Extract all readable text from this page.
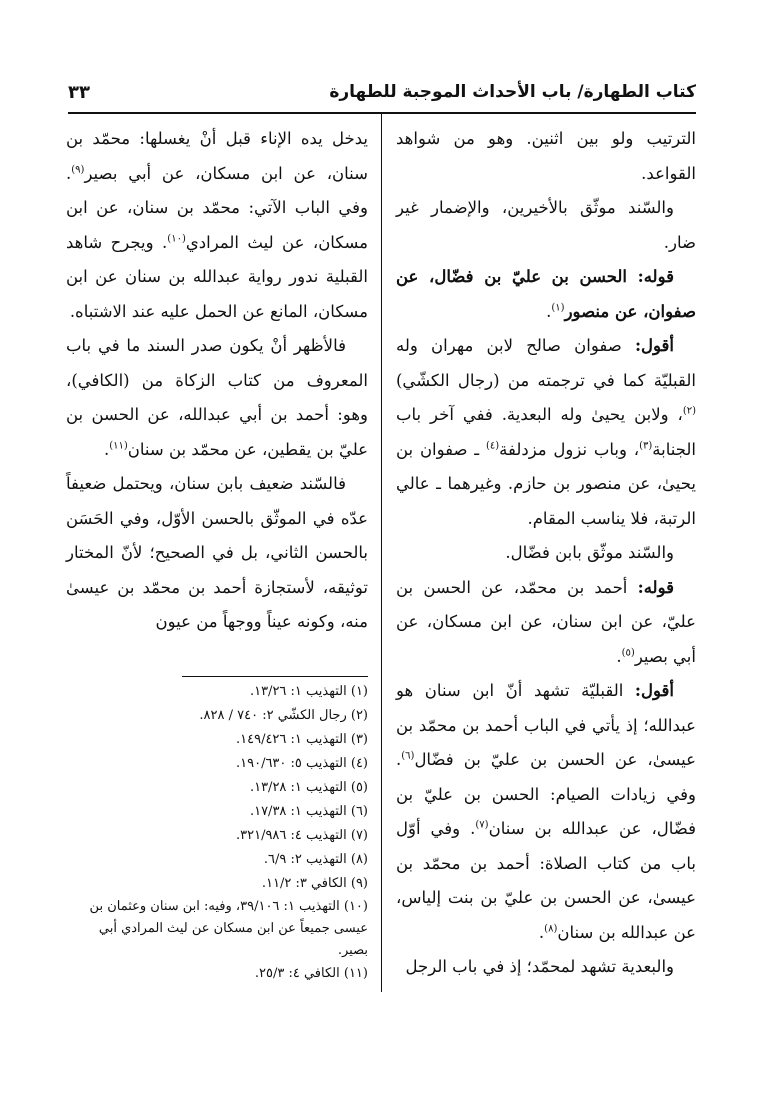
كتاب الطهارة/ باب الأحداث الموجبة للطهارة
٣٣

الترتيب ولو بين اثنين. وهو من شواهد القواعد.

والسّند موثّق بالأخيرين، والإضمار غير ضار.

قوله: الحسن بن عليّ بن فضّال، عن صفوان، عن منصور$^{(١)}$.

أقول: صفوان صالح لابن مهران وله القبليّة كما في ترجمته من (رجال الكشّي)$^{(٢)}$، ولابن يحيىٰ وله البعدية. ففي آخر باب الجنابة$^{(٣)}$، وباب نزول مزدلفة$^{(٤)}$ ـ صفوان بن يحيىٰ، عن منصور بن حازم. وغيرهما ـ عالي الرتبة، فلا يناسب المقام.

والسّند موثّق بابن فضّال.

قوله: أحمد بن محمّد، عن الحسن بن عليّ، عن ابن سنان، عن ابن مسكان، عن أبي بصير$^{(٥)}$.

أقول: القبليّة تشهد أنّ ابن سنان هو عبدالله؛ إذ يأتي في الباب أحمد بن محمّد بن عيسىٰ، عن الحسن بن عليّ بن فضّال$^{(٦)}$. وفي زيادات الصيام: الحسن بن عليّ بن فضّال، عن عبدالله بن سنان$^{(٧)}$. وفي أوّل باب من كتاب الصلاة: أحمد بن محمّد بن عيسىٰ، عن الحسن بن عليّ بن بنت إلياس، عن عبدالله بن سنان$^{(٨)}$.

والبعدية تشهد لمحمّد؛ إذ في باب الرجل

يدخل يده الإناء قبل أنْ يغسلها: محمّد بن سنان، عن ابن مسكان، عن أبي بصير$^{(٩)}$. وفي الباب الآتي: محمّد بن سنان، عن ابن مسكان، عن ليث المرادي$^{(١٠)}$. ويجرح شاهد القبلية ندور رواية عبدالله بن سنان عن ابن مسكان، المانع عن الحمل عليه عند الاشتباه.

فالأظهر أنْ يكون صدر السند ما في باب المعروف من كتاب الزكاة من (الكافي)، وهو: أحمد بن أبي عبدالله، عن الحسن بن عليّ بن يقطين، عن محمّد بن سنان$^{(١١)}$.

فالسّند ضعيف بابن سنان، ويحتمل ضعيفاً عدّه في الموثّق بالحسن الأوّل، وفي الحَسَن بالحسن الثاني، بل في الصحيح؛ لأنّ المختار توثيقه، لأستجازة أحمد بن محمّد بن عيسىٰ منه، وكونه عيناً ووجهاً من عيون

(١) التهذيب ١: ١٣/٢٦.
(٢) رجال الكشّي ٢: ٧٤٠ / ٨٢٨.
(٣) التهذيب ١: ١٤٩/٤٢٦.
(٤) التهذيب ٥: ١٩٠/٦٣٠.
(٥) التهذيب ١: ١٣/٢٨.
(٦) التهذيب ١: ١٧/٣٨.
(٧) التهذيب ٤: ٣٢١/٩٨٦.
(٨) التهذيب ٢: ٦/٩.
(٩) الكافي ٣: ١١/٢.
(١٠) التهذيب ١: ٣٩/١٠٦، وفيه: ابن سنان وعثمان بن عيسى جميعاً عن ابن مسكان عن ليث المرادي أبي بصير.
(١١) الكافي ٤: ٢٥/٣.
